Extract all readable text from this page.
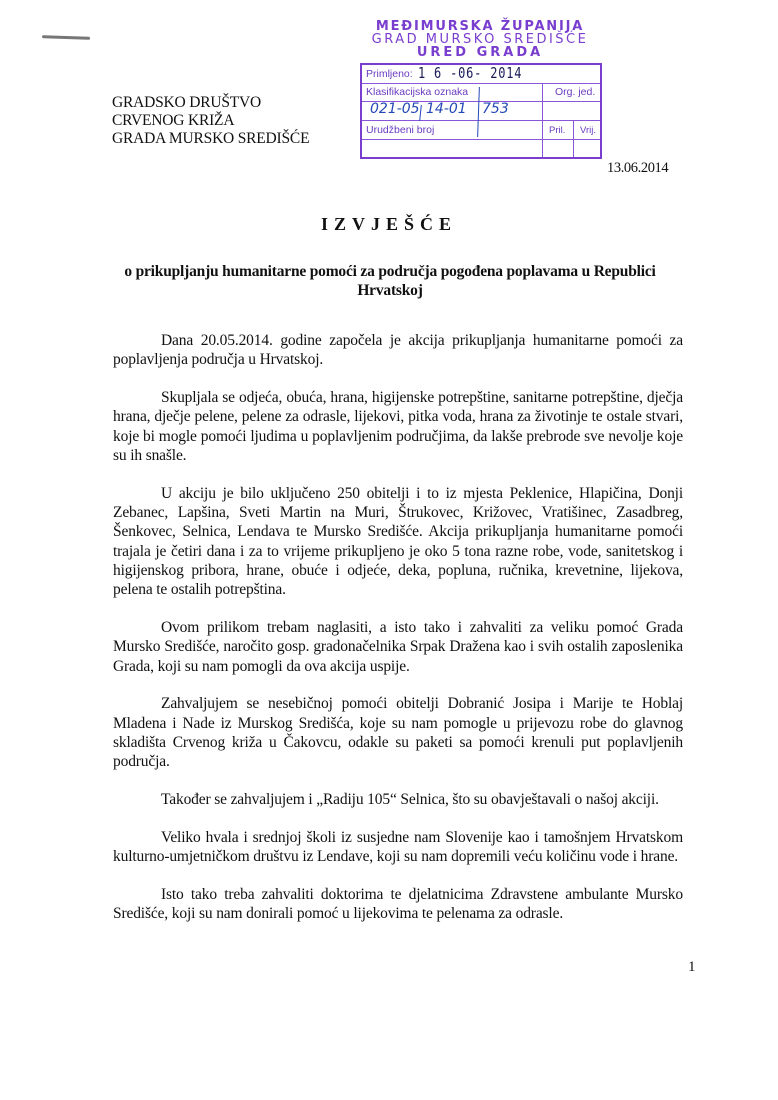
GRADSKO DRUŠTVO
CRVENOG KRIŽA
GRADA MURSKO SREDIŠĆE
MEĐIMURSKA ŽUPANIJA
GRAD MURSKO SREDIŠĆE
URED GRADA
Primljeno: 1 6 -06- 2014
Klasifikacijska oznaka	Org. jed.
021-05 14-01 753
Urudžbeni broj	Pril. Vrij.
13.06.2014
IZVJEŠĆE
o prikupljanju humanitarne pomoći za područja pogođena poplavama u Republici Hrvatskoj

Dana 20.05.2014. godine započela je akcija prikupljanja humanitarne pomoći za poplavljenja područja u Hrvatskoj.

Skupljala se odjeća, obuća, hrana, higijenske potrepštine, sanitarne potrepštine, dječja hrana, dječje pelene, pelene za odrasle, lijekovi, pitka voda, hrana za životinje te ostale stvari, koje bi mogle pomoći ljudima u poplavljenim područjima, da lakše prebrode sve nevolje koje su ih snašle.

U akciju je bilo uključeno 250 obitelji i to iz mjesta Peklenice, Hlapičina, Donji Zebanec, Lapšina, Sveti Martin na Muri, Štrukovec, Križovec, Vratišinec, Zasadbreg, Šenkovec, Selnica, Lendava te Mursko Središće. Akcija prikupljanja humanitarne pomoći trajala je četiri dana i za to vrijeme prikupljeno je oko 5 tona razne robe, vode, sanitetskog i higijenskog pribora, hrane, obuće i odjeće, deka, popluna, ručnika, krevetnine, lijekova, pelena te ostalih potrepština.

Ovom prilikom trebam naglasiti, a isto tako i zahvaliti za veliku pomoć Grada Mursko Središće, naročito gosp. gradonačelnika Srpak Dražena kao i svih ostalih zaposlenika Grada, koji su nam pomogli da ova akcija uspije.

Zahvaljujem se nesebičnoj pomoći obitelji Dobranić Josipa i Marije te Hoblaj Mladena i Nade iz Murskog Središća, koje su nam pomogle u prijevozu robe do glavnog skladišta Crvenog križa u Čakovcu, odakle su paketi sa pomoći krenuli put poplavljenih područja.

Također se zahvaljujem i „Radiju 105“ Selnica, što su obavještavali o našoj akciji.

Veliko hvala i srednjoj školi iz susjedne nam Slovenije kao i tamošnjem Hrvatskom kulturno-umjetničkom društvu iz Lendave, koji su nam dopremili veću količinu vode i hrane.

Isto tako treba zahvaliti doktorima te djelatnicima Zdravstene ambulante Mursko Središće, koji su nam donirali pomoć u lijekovima te pelenama za odrasle.

1
